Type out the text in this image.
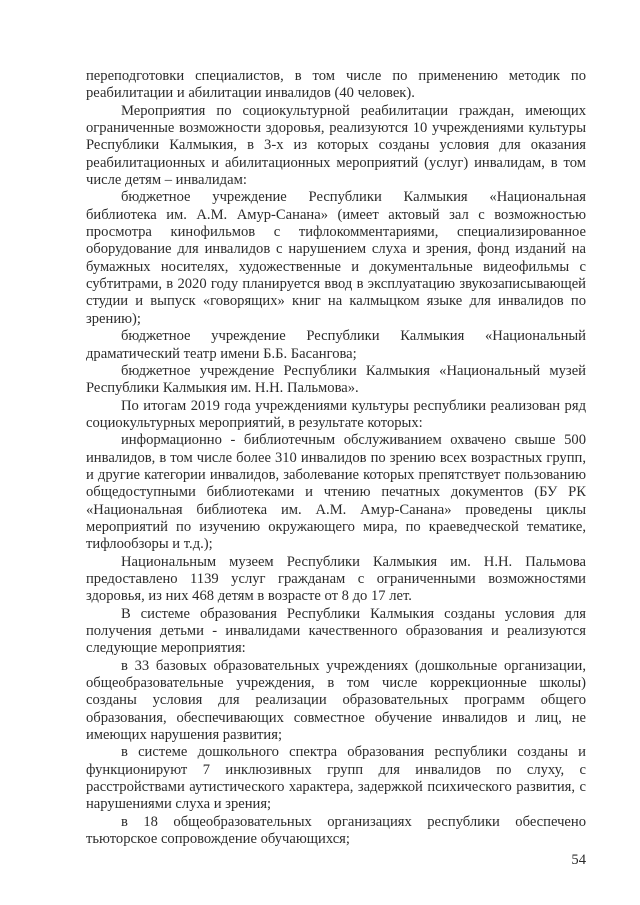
переподготовки специалистов, в том числе по применению методик по реабилитации и абилитации инвалидов (40 человек).

Мероприятия по социокультурной реабилитации граждан, имеющих ограниченные возможности здоровья, реализуются 10 учреждениями культуры Республики Калмыкия, в 3-х из которых созданы условия для оказания реабилитационных и абилитационных мероприятий (услуг) инвалидам, в том числе детям – инвалидам:

бюджетное учреждение Республики Калмыкия «Национальная библиотека им. А.М. Амур-Санана» (имеет актовый зал с возможностью просмотра кинофильмов с тифлокомментариями, специализированное оборудование для инвалидов с нарушением слуха и зрения, фонд изданий на бумажных носителях, художественные и документальные видеофильмы с субтитрами, в 2020 году планируется ввод в эксплуатацию звукозаписывающей студии и выпуск «говорящих» книг на калмыцком языке для инвалидов по зрению);

бюджетное учреждение Республики Калмыкия «Национальный драматический театр имени Б.Б. Басангова;

бюджетное учреждение Республики Калмыкия «Национальный музей Республики Калмыкия им. Н.Н. Пальмова».

По итогам 2019 года учреждениями культуры республики реализован ряд социокультурных мероприятий, в результате которых:

информационно - библиотечным обслуживанием охвачено свыше 500 инвалидов, в том числе более 310 инвалидов по зрению всех возрастных групп, и другие категории инвалидов, заболевание которых препятствует пользованию общедоступными библиотеками и чтению печатных документов (БУ РК «Национальная библиотека им. А.М. Амур-Санана» проведены циклы мероприятий по изучению окружающего мира, по краеведческой тематике, тифлообзоры и т.д.);

Национальным музеем Республики Калмыкия им. Н.Н. Пальмова предоставлено 1139 услуг гражданам с ограниченными возможностями здоровья, из них 468 детям в возрасте от 8 до 17 лет.

В системе образования Республики Калмыкия созданы условия для получения детьми - инвалидами качественного образования и реализуются следующие мероприятия:

в 33 базовых образовательных учреждениях (дошкольные организации, общеобразовательные учреждения, в том числе коррекционные школы) созданы условия для реализации образовательных программ общего образования, обеспечивающих совместное обучение инвалидов и лиц, не имеющих нарушения развития;

в системе дошкольного спектра образования республики созданы и функционируют 7 инклюзивных групп для инвалидов по слуху, с расстройствами аутистического характера, задержкой психического развития, с нарушениями слуха и зрения;

в 18 общеобразовательных организациях республики обеспечено тьюторское сопровождение обучающихся;

54
